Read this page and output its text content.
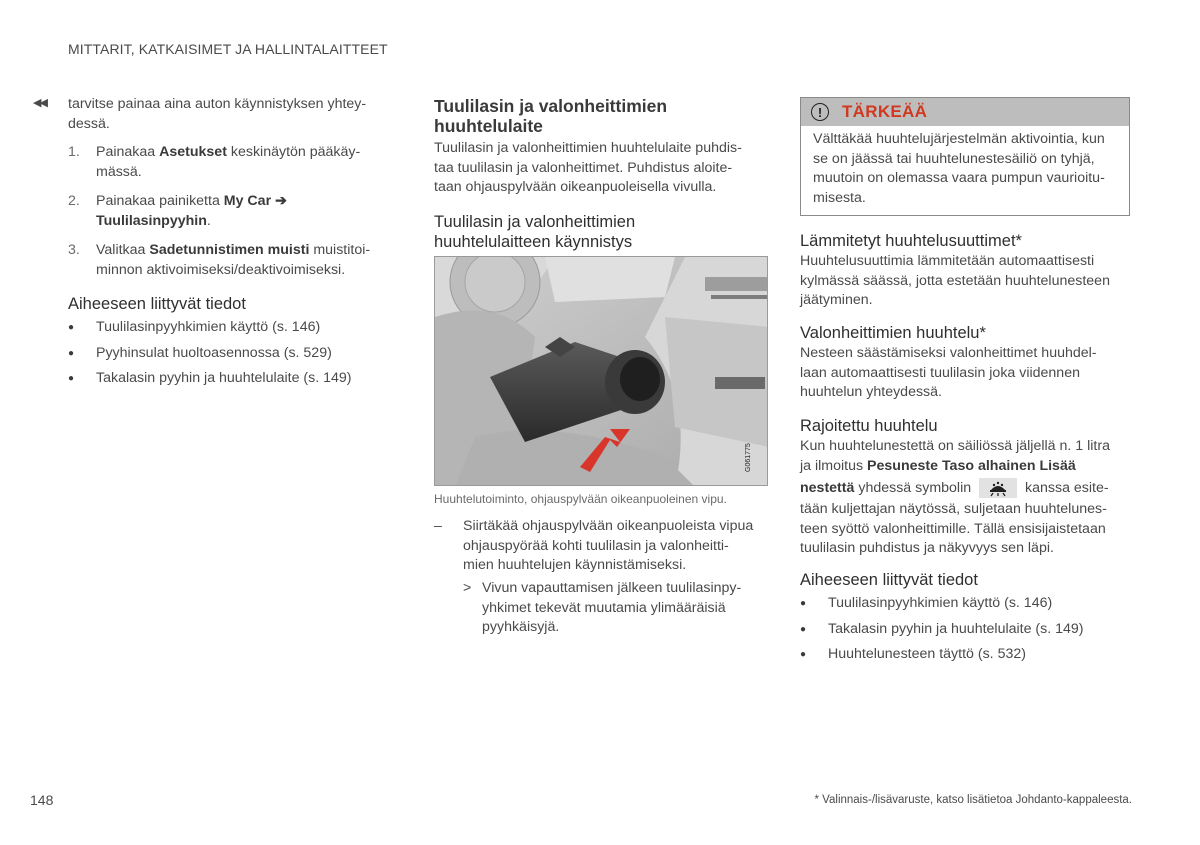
MITTARIT, KATKAISIMET JA HALLINTALAITTEET
◀◀ tarvitse painaa aina auton käynnistyksen yhtey-
dessä.
1. Painakaa Asetukset keskinäytön pääkäy-
mässä.
2. Painakaa painiketta My Car ➔
Tuulilasinpyyhin.
3. Valitkaa Sadetunnistimen muisti muistitoi-
minnon aktivoimiseksi/deaktivoimiseksi.
Aiheeseen liittyvät tiedot
● Tuulilasinpyyhkimien käyttö (s. 146)
● Pyyhinsulat huoltoasennossa (s. 529)
● Takalasin pyyhin ja huuhtelulaite (s. 149)
Tuulilasin ja valonheittimien
huuhtelulaite
Tuulilasin ja valonheittimien huuhtelulaite puhdis-
taa tuulilasin ja valonheittimet. Puhdistus aloite-
taan ohjauspylvään oikeanpuoleisella vivulla.
Tuulilasin ja valonheittimien
huuhtelulaitteen käynnistys
G061775
Huuhtelutoiminto, ohjauspylvään oikeanpuoleinen vipu.
– Siirtäkää ohjauspylvään oikeanpuoleista vipua
ohjauspyörää kohti tuulilasin ja valonheitti-
mien huuhtelujen käynnistämiseksi.
> Vivun vapauttamisen jälkeen tuulilasinpy-
yhkimet tekevät muutamia ylimääräisiä
pyyhkäisyjä.
!	TÄRKEÄÄ
Välttäkää huuhtelujärjestelmän aktivointia, kun
se on jäässä tai huuhtelunestesäiliö on tyhjä,
muutoin on olemassa vaara pumpun vaurioitu-
misesta.
Lämmitetyt huuhtelusuuttimet*
Huuhtelusuuttimia lämmitetään automaattisesti
kylmässä säässä, jotta estetään huuhtelunesteen
jäätyminen.
Valonheittimien huuhtelu*
Nesteen säästämiseksi valonheittimet huuhdel-
laan automaattisesti tuulilasin joka viidennen
huuhtelun yhteydessä.
Rajoitettu huuhtelu
Kun huuhtelunestettä on säiliössä jäljellä n. 1 litra
ja ilmoitus Pesuneste Taso alhainen Lisää
nestettä yhdessä symbolin	kanssa esite-
tään kuljettajan näytössä, suljetaan huuhtelunes-
teen syöttö valonheittimille. Tällä ensisijaistetaan
tuulilasin puhdistus ja näkyvyys sen läpi.
Aiheeseen liittyvät tiedot
● Tuulilasinpyyhkimien käyttö (s. 146)
● Takalasin pyyhin ja huuhtelulaite (s. 149)
● Huuhtelunesteen täyttö (s. 532)
148	* Valinnais-/lisävaruste, katso lisätietoa Johdanto-kappaleesta.
